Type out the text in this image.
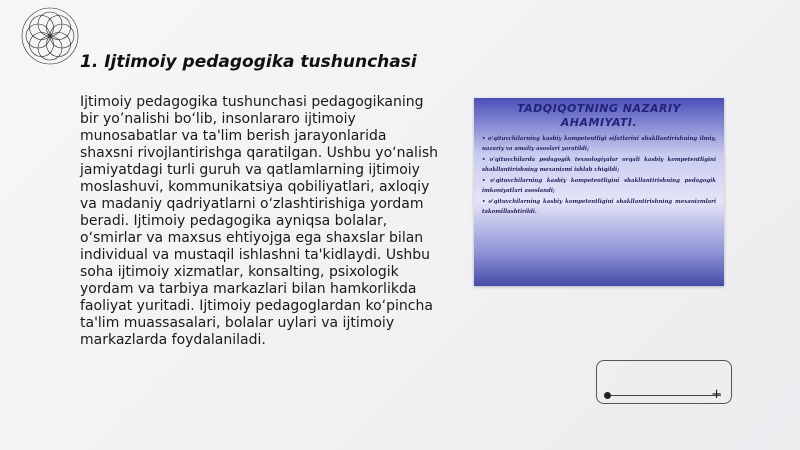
1. Ijtimoiy pedagogika tushunchasi

Ijtimoiy pedagogika tushunchasi pedagogikaning bir yo’nalishi bo‘lib, insonlararo ijtimoiy munosabatlar va ta'lim berish jarayonlarida shaxsni rivojlantirishga qaratilgan. Ushbu yo‘nalish jamiyatdagi turli guruh va qatlamlarning ijtimoiy moslashuvi, kommunikatsiya qobiliyatlari, axloqiy va madaniy qadriyatlarni o‘zlashtirishiga yordam beradi. Ijtimoiy pedagogika ayniqsa bolalar, o‘smirlar va maxsus ehtiyojga ega shaxslar bilan individual va mustaqil ishlashni ta'kidlaydi. Ushbu soha ijtimoiy xizmatlar, konsalting, psixologik yordam va tarbiya markazlari bilan hamkorlikda faoliyat yuritadi. Ijtimoiy pedagoglardan ko‘pincha ta'lim muassasalari, bolalar uylari va ijtimoiy markazlarda foydalaniladi.

TADQIQOTNING NAZARIY AHAMIYATI.
• o'qituvchilarning kasbiy kompetentligi sifatlarini shakllantirishning ilmiy, nazariy va amaliy asoslari yaratildi;
• o'qituvchilarda pedagogik texnologiyalar orqali kasbiy kompetentligini shakllantirishning mexanizmi ishlab chiqildi;
• o'qituvchilarning kasbiy kompetentligini shakllantirishning pedagogik imkoniyatlari asoslandi;
• o'qituvchilarning kasbiy kompetentligini shakllantirishning mexanizmlari takomillashtirildi.
+
